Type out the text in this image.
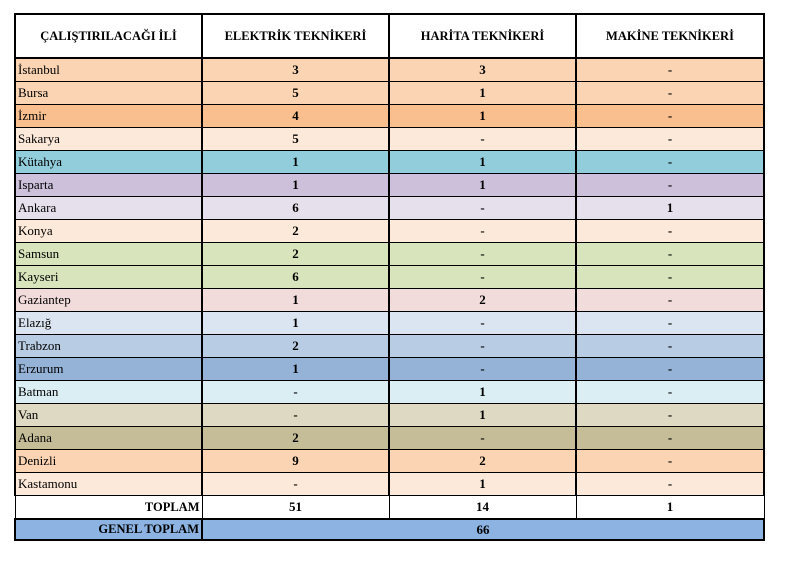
ÇALIŞTIRILACAĞI İLİ	ELEKTRİK TEKNİKERİ	HARİTA TEKNİKERİ	MAKİNE TEKNİKERİ
İstanbul	3	3	-
Bursa	5	1	-
İzmir	4	1	-
Sakarya	5	-	-
Kütahya	1	1	-
Isparta	1	1	-
Ankara	6	-	1
Konya	2	-	-
Samsun	2	-	-
Kayseri	6	-	-
Gaziantep	1	2	-
Elazığ	1	-	-
Trabzon	2	-	-
Erzurum	1	-	-
Batman	-	1	-
Van	-	1	-
Adana	2	-	-
Denizli	9	2	-
Kastamonu	-	1	-
TOPLAM	51	14	1
GENEL TOPLAM	66		
